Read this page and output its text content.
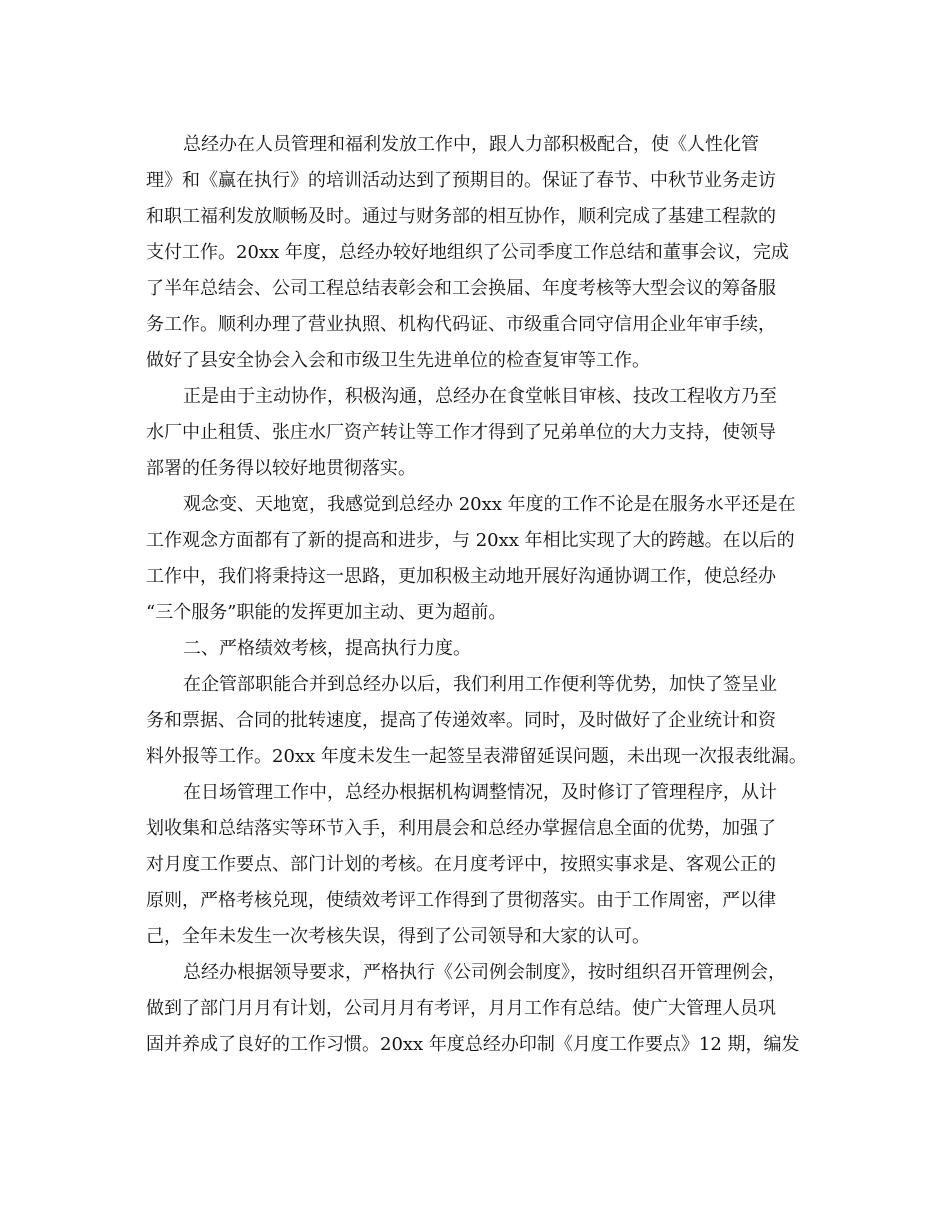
总经办在人员管理和福利发放工作中，跟人力部积极配合，使《人性化管
理》和《赢在执行》的培训活动达到了预期目的。保证了春节、中秋节业务走访
和职工福利发放顺畅及时。通过与财务部的相互协作，顺利完成了基建工程款的
支付工作。20xx 年度，总经办较好地组织了公司季度工作总结和董事会议，完成
了半年总结会、公司工程总结表彰会和工会换届、年度考核等大型会议的筹备服
务工作。顺利办理了营业执照、机构代码证、市级重合同守信用企业年审手续，
做好了县安全协会入会和市级卫生先进单位的检查复审等工作。
正是由于主动协作，积极沟通，总经办在食堂帐目审核、技改工程收方乃至
水厂中止租赁、张庄水厂资产转让等工作才得到了兄弟单位的大力支持，使领导
部署的任务得以较好地贯彻落实。
观念变、天地宽，我感觉到总经办 20xx 年度的工作不论是在服务水平还是在
工作观念方面都有了新的提高和进步，与 20xx 年相比实现了大的跨越。在以后的
工作中，我们将秉持这一思路，更加积极主动地开展好沟通协调工作，使总经办
“三个服务”职能的发挥更加主动、更为超前。
二、严格绩效考核，提高执行力度。
在企管部职能合并到总经办以后，我们利用工作便利等优势，加快了签呈业
务和票据、合同的批转速度，提高了传递效率。同时，及时做好了企业统计和资
料外报等工作。20xx 年度未发生一起签呈表滞留延误问题，未出现一次报表纰漏。
在日场管理工作中，总经办根据机构调整情况，及时修订了管理程序，从计
划收集和总结落实等环节入手，利用晨会和总经办掌握信息全面的优势，加强了
对月度工作要点、部门计划的考核。在月度考评中，按照实事求是、客观公正的
原则，严格考核兑现，使绩效考评工作得到了贯彻落实。由于工作周密，严以律
己，全年未发生一次考核失误，得到了公司领导和大家的认可。
总经办根据领导要求，严格执行《公司例会制度》，按时组织召开管理例会，
做到了部门月月有计划，公司月月有考评，月月工作有总结。使广大管理人员巩
固并养成了良好的工作习惯。20xx 年度总经办印制《月度工作要点》12 期，编发
